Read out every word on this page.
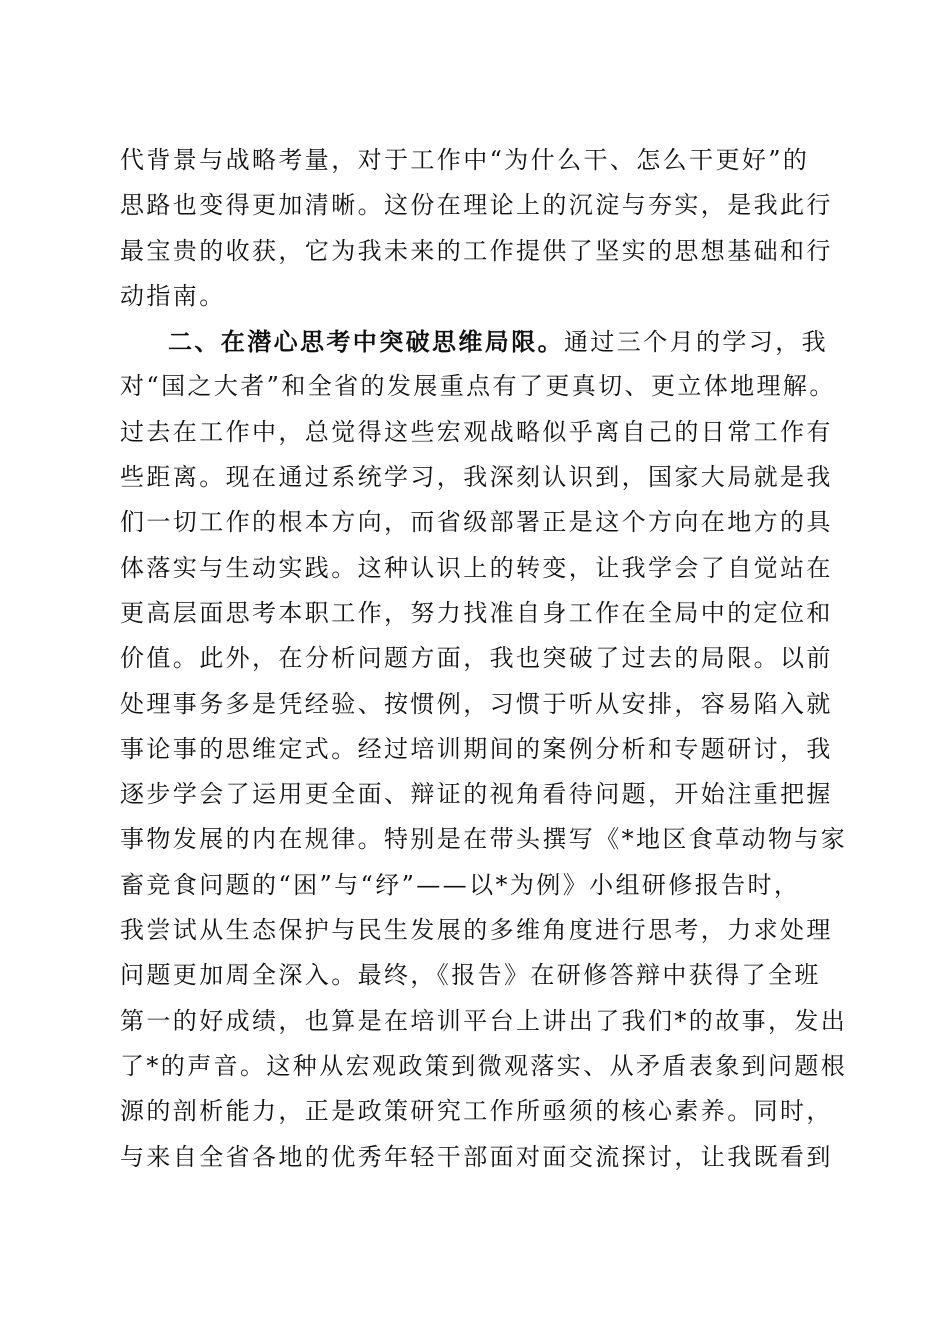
代背景与战略考量，对于工作中“为什么干、怎么干更好”的
思路也变得更加清晰。这份在理论上的沉淀与夯实，是我此行
最宝贵的收获，它为我未来的工作提供了坚实的思想基础和行
动指南。
二、在潜心思考中突破思维局限。通过三个月的学习，我
对“国之大者”和全省的发展重点有了更真切、更立体地理解。
过去在工作中，总觉得这些宏观战略似乎离自己的日常工作有
些距离。现在通过系统学习，我深刻认识到，国家大局就是我
们一切工作的根本方向，而省级部署正是这个方向在地方的具
体落实与生动实践。这种认识上的转变，让我学会了自觉站在
更高层面思考本职工作，努力找准自身工作在全局中的定位和
价值。此外，在分析问题方面，我也突破了过去的局限。以前
处理事务多是凭经验、按惯例，习惯于听从安排，容易陷入就
事论事的思维定式。经过培训期间的案例分析和专题研讨，我
逐步学会了运用更全面、辩证的视角看待问题，开始注重把握
事物发展的内在规律。特别是在带头撰写《*地区食草动物与家
畜竞食问题的“困”与“纾”——以*为例》小组研修报告时，
我尝试从生态保护与民生发展的多维角度进行思考，力求处理
问题更加周全深入。最终，《报告》在研修答辩中获得了全班
第一的好成绩，也算是在培训平台上讲出了我们*的故事，发出
了*的声音。这种从宏观政策到微观落实、从矛盾表象到问题根
源的剖析能力，正是政策研究工作所亟须的核心素养。同时，
与来自全省各地的优秀年轻干部面对面交流探讨，让我既看到
